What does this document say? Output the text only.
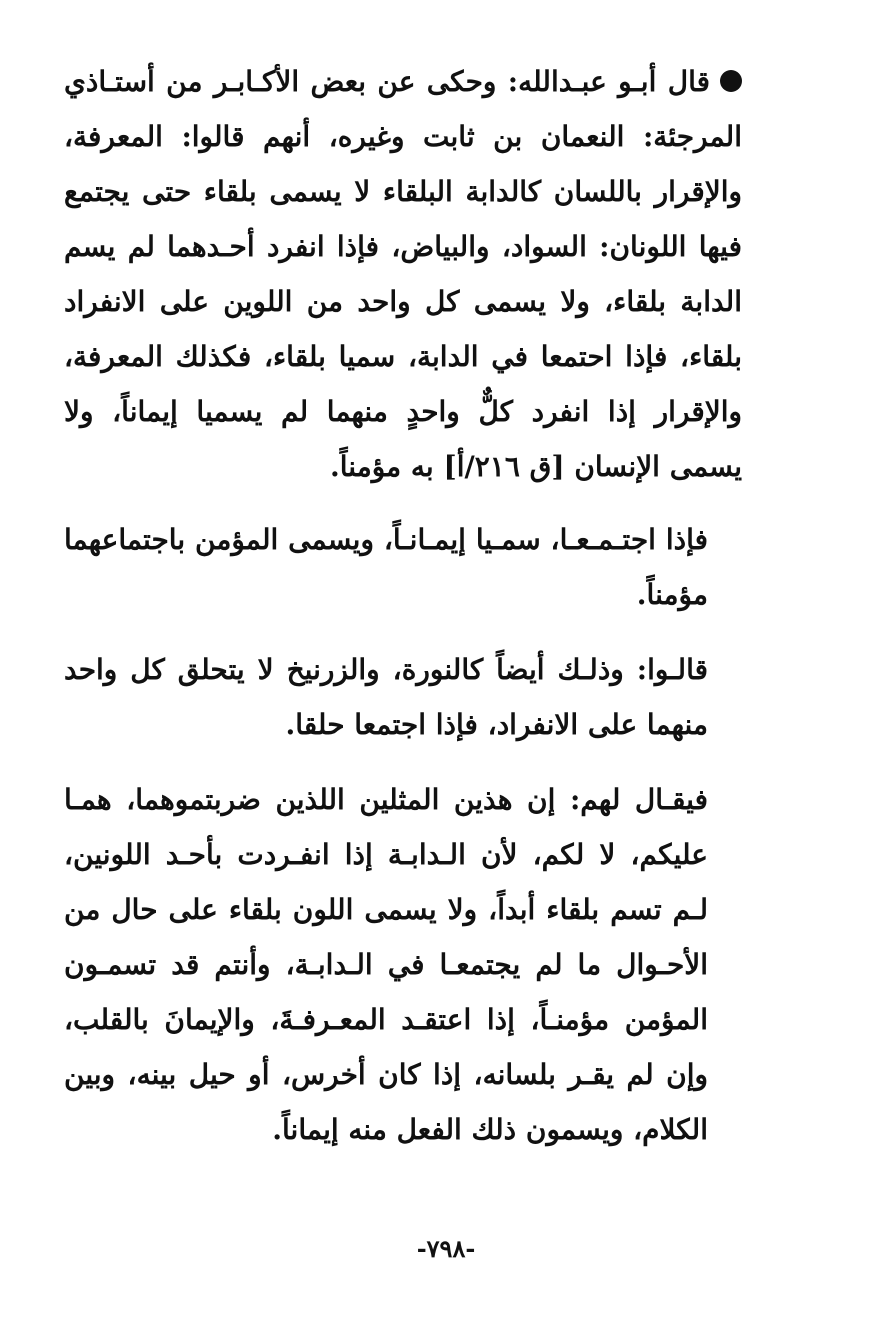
قال أبـو عبـدالله: وحكى عن بعض الأكـابـر من أستـاذي المرجئة: النعمان بن ثابت وغيره، أنهم قالوا: المعرفة، والإقرار باللسان كالدابة البلقاء لا يسمى بلقاء حتى يجتمع فيها اللونان: السواد، والبياض، فإذا انفرد أحـدهما لم يسم الدابة بلقاء، ولا يسمى كل واحد من اللوين على الانفراد بلقاء، فإذا احتمعا في الدابة، سميا بلقاء، فكذلك المعرفة، والإقرار إذا انفرد كلٌّ واحدٍ منهما لم يسميا إيماناً، ولا يسمى الإنسان [ق ٢١٦/أ] به مؤمناً.

فإذا اجتـمـعـا، سمـيا إيمـانـاً، ويسمى المؤمن باجتماعهما مؤمناً.

قالـوا: وذلـك أيضاً كالنورة، والزرنيخ لا يتحلق كل واحد منهما على الانفراد، فإذا اجتمعا حلقا.

فيقـال لهم: إن هذين المثلين اللذين ضربتموهما، همـا عليكم، لا لكم، لأن الـدابـة إذا انفـردت بأحـد اللونين، لـم تسم بلقاء أبداً، ولا يسمى اللون بلقاء على حال من الأحـوال ما لم يجتمعـا في الـدابـة، وأنتم قد تسمـون المؤمن مؤمنـاً، إذا اعتقـد المعـرفـةَ، والإيمانَ بالقلب، وإن لم يقـر بلسانه، إذا كان أخرس، أو حيل بينه، وبين الكلام، ويسمون ذلك الفعل منه إيماناً.

-٧٩٨-
